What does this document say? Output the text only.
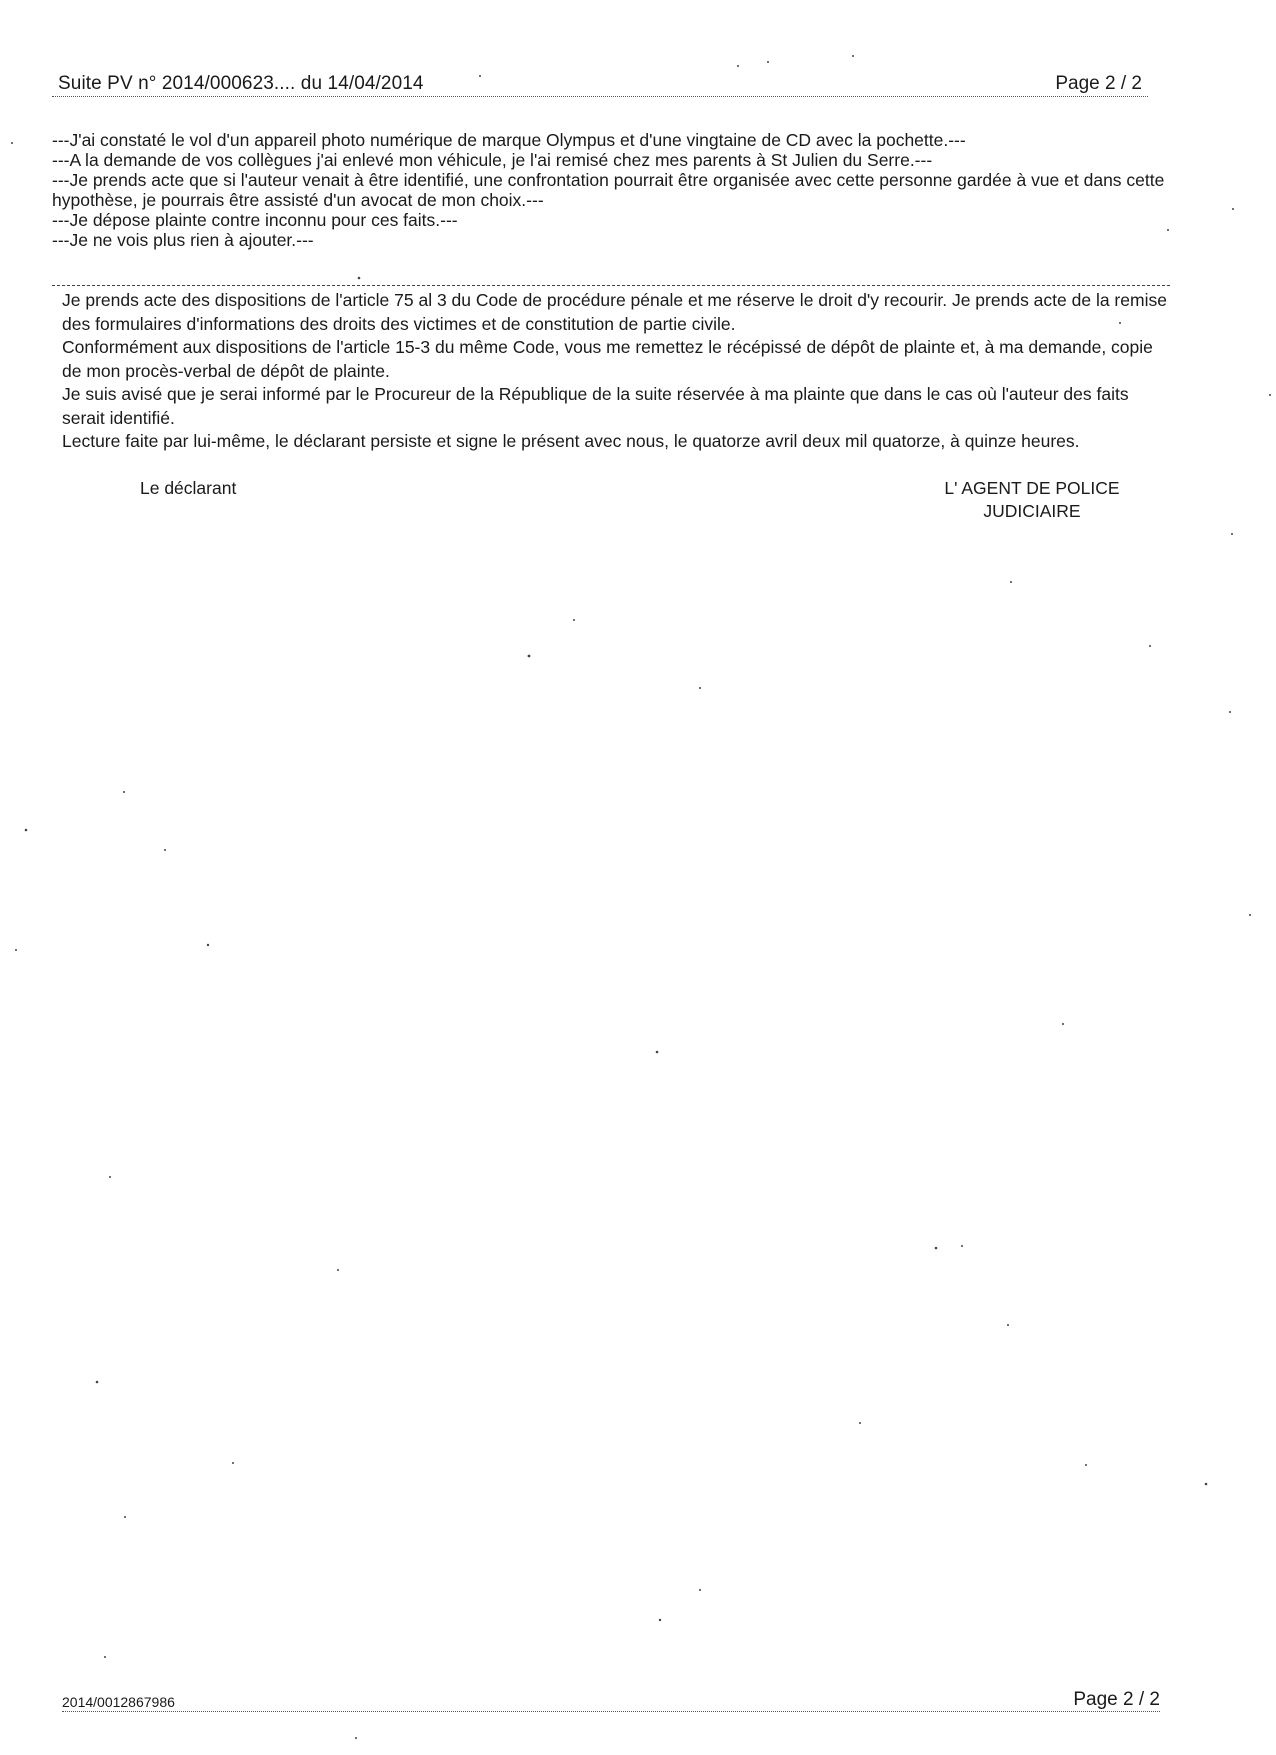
Suite PV n° 2014/000623.... du 14/04/2014	Page 2 / 2

---J'ai constaté le vol d'un appareil photo numérique de marque Olympus et d'une vingtaine de CD avec la pochette.---

---A la demande de vos collègues j'ai enlevé mon véhicule, je l'ai remisé chez mes parents à St Julien du Serre.---

---Je prends acte que si l'auteur venait à être identifié, une confrontation pourrait être organisée avec cette personne gardée à vue et dans cette hypothèse, je pourrais être assisté d'un avocat de mon choix.---

---Je dépose plainte contre inconnu pour ces faits.---

---Je ne vois plus rien à ajouter.---

Je prends acte des dispositions de l'article 75 al 3 du Code de procédure pénale et me réserve le droit d'y recourir. Je prends acte de la remise des formulaires d'informations des droits des victimes et de constitution de partie civile.

Conformément aux dispositions de l'article 15-3 du même Code, vous me remettez le récépissé de dépôt de plainte et, à ma demande, copie de mon procès-verbal de dépôt de plainte.

Je suis avisé que je serai informé par le Procureur de la République de la suite réservée à ma plainte que dans le cas où l'auteur des faits serait identifié.

Lecture faite par lui-même, le déclarant persiste et signe le présent avec nous, le quatorze avril deux mil quatorze, à quinze heures.

Le déclarant	L' AGENT DE POLICE
JUDICIAIRE
2014/0012867986	Page 2 / 2
